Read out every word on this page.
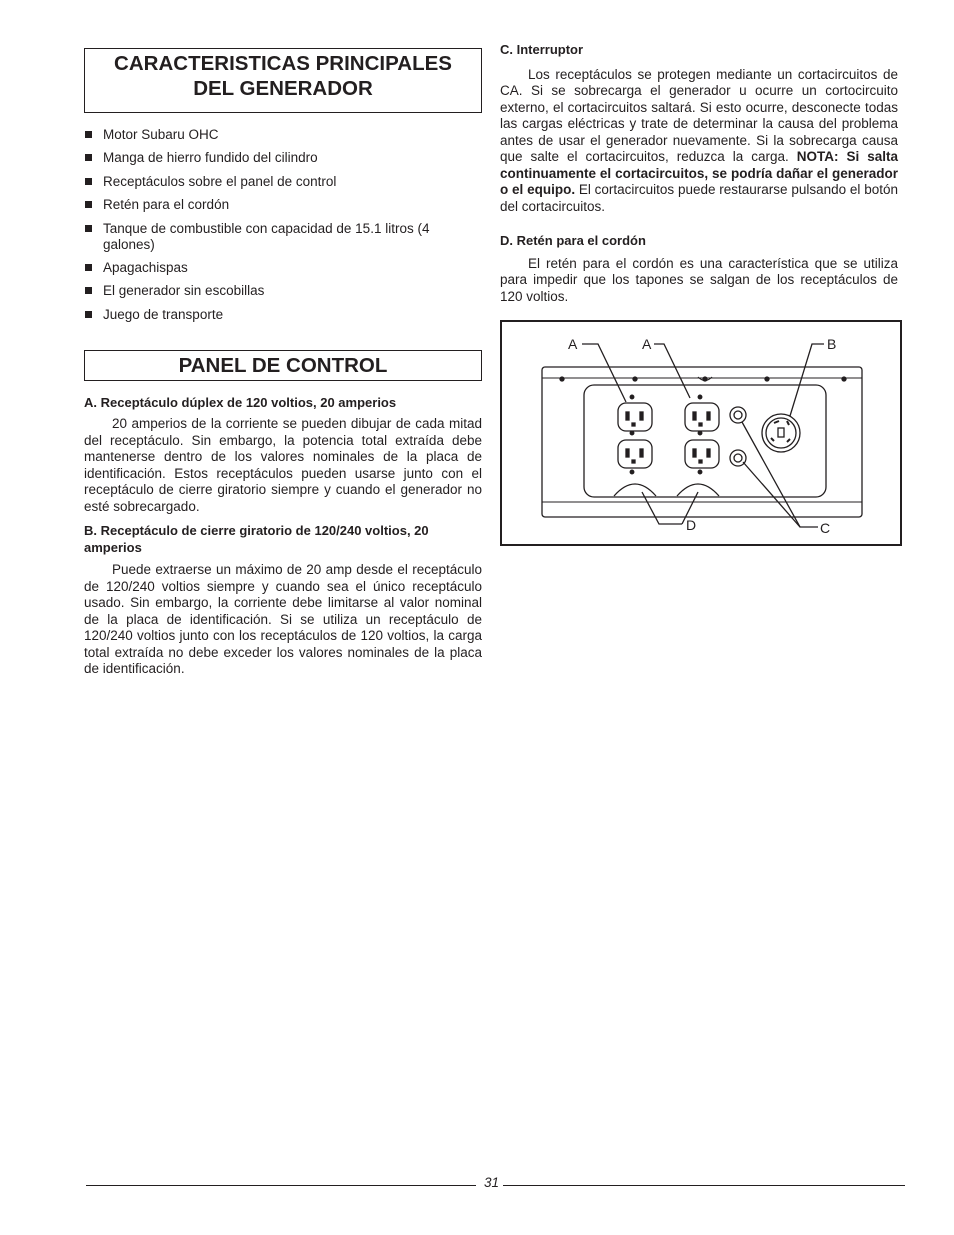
CARACTERISTICAS PRINCIPALES
DEL GENERADOR
Motor Subaru OHC
Manga de hierro fundido del cilindro
Receptáculos sobre el panel de control
Retén para el cordón
Tanque de combustible con capacidad de 15.1 litros (4 galones)
Apagachispas
El generador sin escobillas
Juego de transporte
PANEL DE CONTROL

A. Receptáculo dúplex de 120 voltios, 20 amperios

20 amperios de la corriente se pueden dibujar de cada mitad del receptáculo. Sin embargo, la potencia total extraída debe mantenerse dentro de los valores nominales de la placa de identificación. Estos receptáculos pueden usarse junto con el receptáculo de cierre giratorio siempre y cuando el generador no esté sobrecargado.

B. Receptáculo de cierre giratorio de 120/240 voltios, 20 amperios

Puede extraerse un máximo de 20 amp desde el receptáculo de 120/240 voltios siempre y cuando sea el único receptáculo usado. Sin embargo, la corriente debe limitarse al valor nominal de la placa de identificación. Si se utiliza un receptáculo de 120/240 voltios junto con los receptáculos de 120 voltios, la carga total extraída no debe exceder los valores nominales de la placa de identificación.

C. Interruptor

Los receptáculos se protegen mediante un cortacircuitos de CA. Si se sobrecarga el generador u ocurre un cortocircuito externo, el cortacircuitos saltará. Si esto ocurre, desconecte todas las cargas eléctricas y trate de determinar la causa del problema antes de usar el generador nuevamente. Si la sobrecarga causa que salte el cortacircuitos, reduzca la carga. NOTA: Si salta continuamente el cortacircuitos, se podría dañar el generador o el equipo. El cortacircuitos puede restaurarse pulsando el botón del cortacircuitos.

D. Retén para el cordón

El retén para el cordón es una característica que se utiliza para impedir que los tapones se salgan de los receptáculos de 120 voltios.

A	A	B
D	C
31
